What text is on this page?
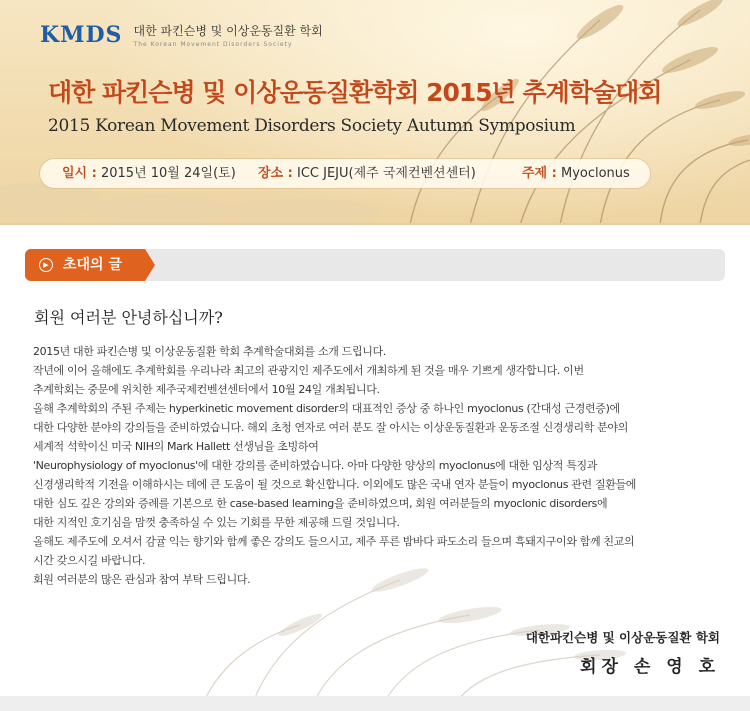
KMDS 대한 파킨슨병 및 이상운동질환 학회
The Korean Movement Disorders Society
대한 파킨슨병 및 이상운동질환학회 2015년 추계학술대회
2015 Korean Movement Disorders Society Autumn Symposium
일시 : 2015년 10월 24일(토) 장소 : ICC JEJU(제주 국제컨벤션센터)	주제 : Myoclonus
▶	초대의 글
회원 여러분 안녕하십니까?

2015년 대한 파킨슨병 및 이상운동질환 학회 추계학술대회를 소개 드립니다.

작년에 이어 올해에도 추계학회를 우리나라 최고의 관광지인 제주도에서 개최하게 된 것을 매우 기쁘게 생각합니다. 이번

추계학회는 중문에 위치한 제주국제컨벤션센터에서 10월 24일 개최됩니다.

올해 추계학회의 주된 주제는 hyperkinetic movement disorder의 대표적인 증상 중 하나인 myoclonus (간대성 근경련증)에

대한 다양한 분야의 강의들을 준비하였습니다. 해외 초청 연자로 여러 분도 잘 아시는 이상운동질환과 운동조절 신경생리학 분야의

세계적 석학이신 미국 NIH의 Mark Hallett 선생님을 초빙하여

'Neurophysiology of myoclonus'에 대한 강의를 준비하였습니다. 아마 다양한 양상의 myoclonus에 대한 임상적 특징과

신경생리학적 기전을 이해하시는 데에 큰 도움이 될 것으로 확신합니다. 이외에도 많은 국내 연자 분들이 myoclonus 관련 질환들에

대한 심도 깊은 강의와 증례를 기본으로 한 case-based learning을 준비하였으며, 회원 여러분들의 myoclonic disorders에

대한 지적인 호기심을 맘껏 충족하실 수 있는 기회를 무한 제공해 드릴 것입니다.

올해도 제주도에 오셔서 감귤 익는 향기와 함께 좋은 강의도 들으시고, 제주 푸른 밤바다 파도소리 들으며 흑돼지구이와 함께 친교의

시간 갖으시길 바랍니다.

회원 여러분의 많은 관심과 참여 부탁 드립니다.

대한파킨슨병 및 이상운동질환 학회
회장 손 영 호
